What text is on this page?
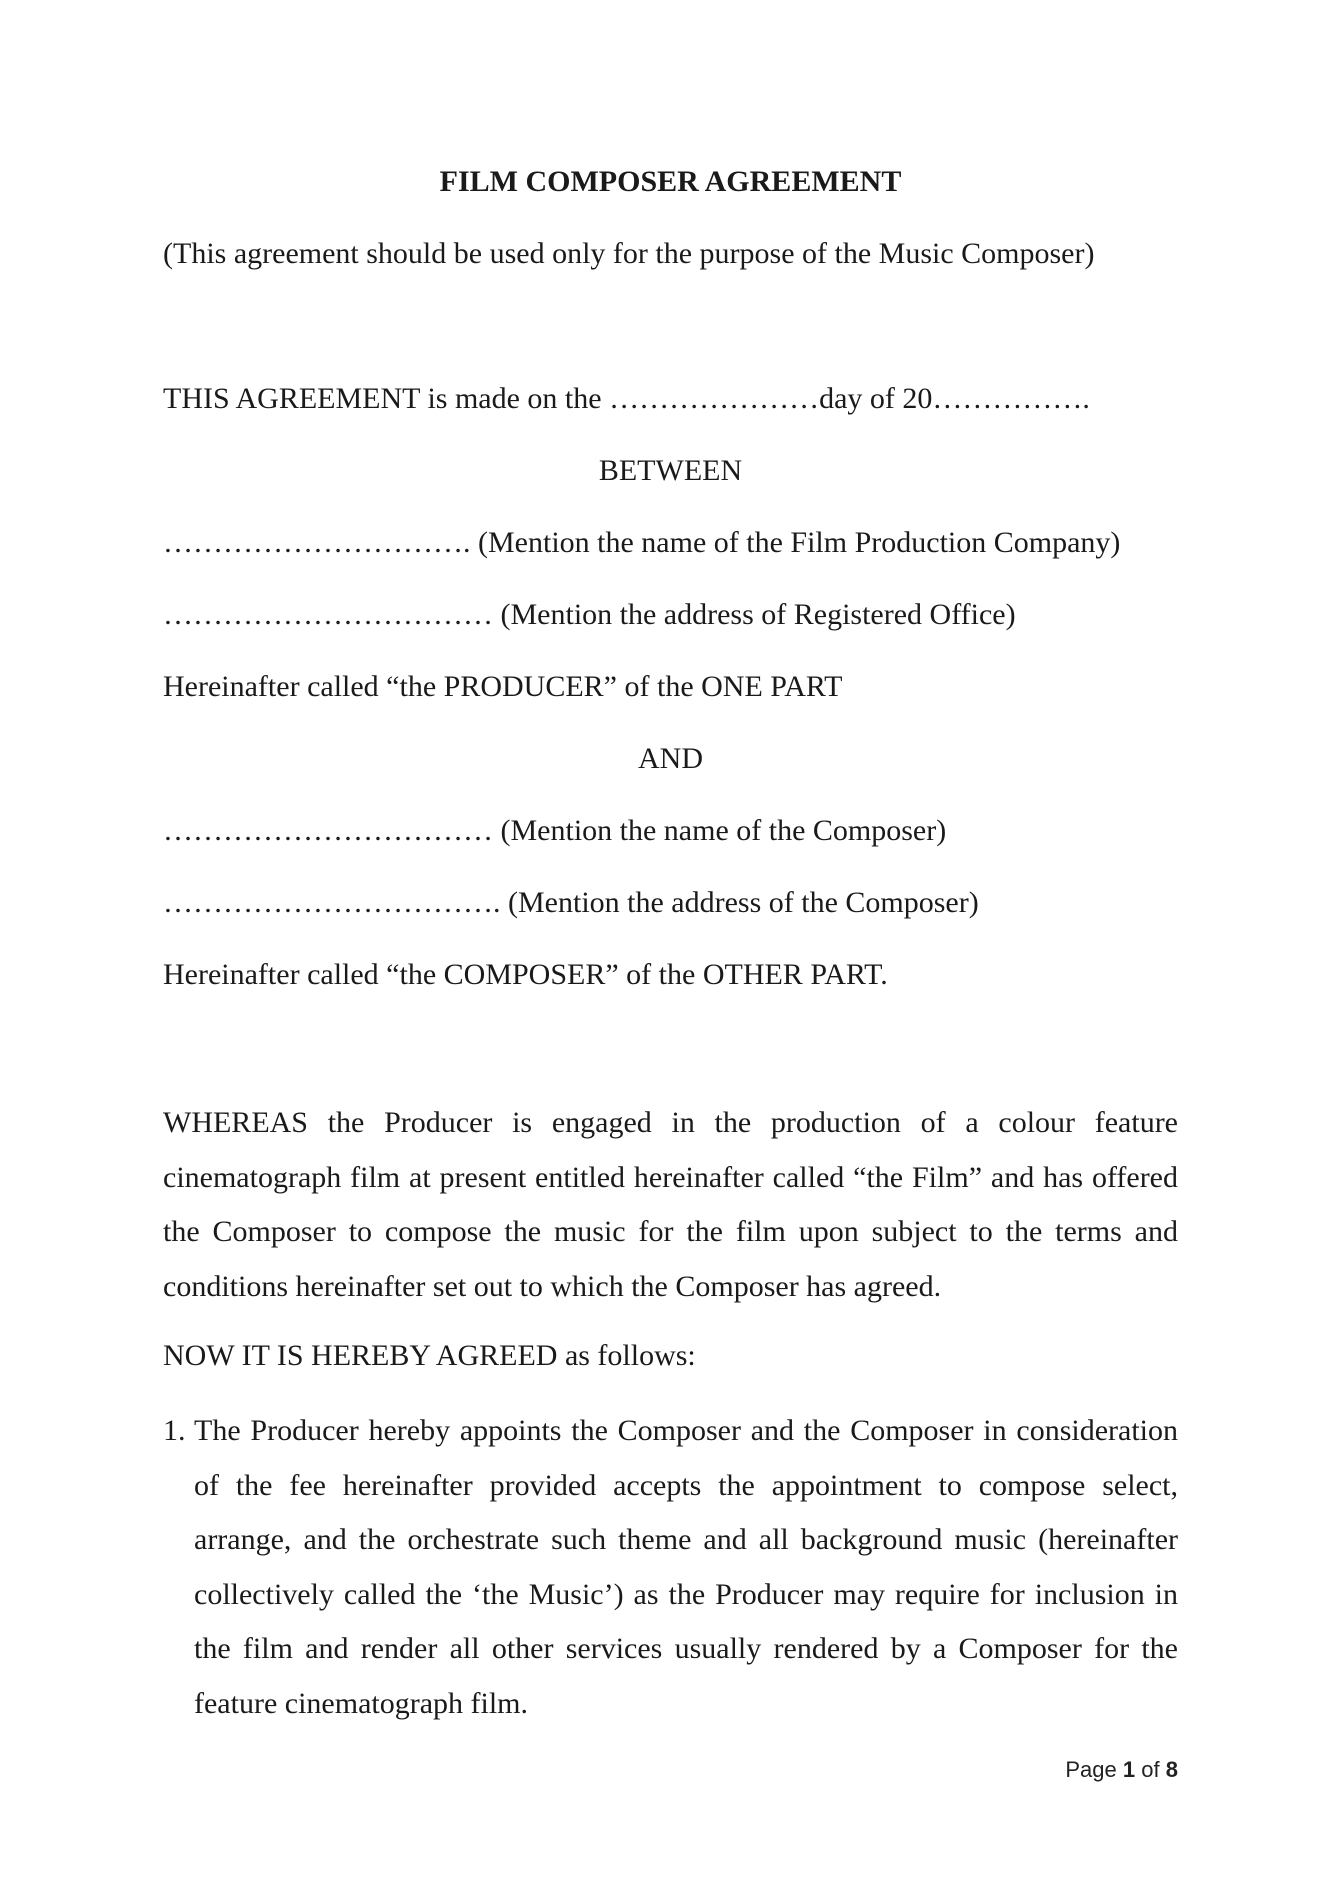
FILM COMPOSER AGREEMENT
(This agreement should be used only for the purpose of the Music Composer)
THIS AGREEMENT is made on the …………………day of 20…………….
BETWEEN
…………………………. (Mention the name of the Film Production Company)
…………………………… (Mention the address of Registered Office)
Hereinafter called “the PRODUCER” of the ONE PART
AND
…………………………… (Mention the name of the Composer)
……………………………. (Mention the address of the Composer)
Hereinafter called “the COMPOSER” of the OTHER PART.
WHEREAS the Producer is engaged in the production of a colour feature cinematograph film at present entitled hereinafter called “the Film” and has offered the Composer to compose the music for the film upon subject to the terms and conditions hereinafter set out to which the Composer has agreed.
NOW IT IS HEREBY AGREED as follows:
1. The Producer hereby appoints the Composer and the Composer in consideration of the fee hereinafter provided accepts the appointment to compose select, arrange, and the orchestrate such theme and all background music (hereinafter collectively called the ‘the Music’) as the Producer may require for inclusion in the film and render all other services usually rendered by a Composer for the feature cinematograph film.
Page 1 of 8
